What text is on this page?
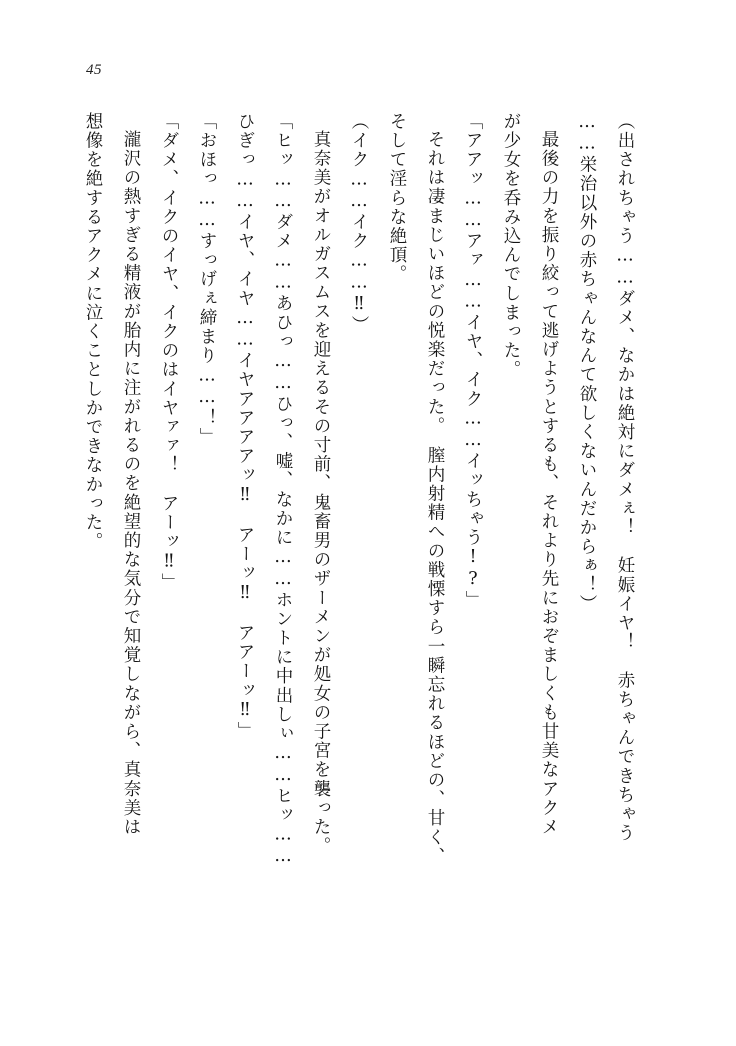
45
（出されちゃう……ダメ、なかは絶対にダメぇ！　妊娠イヤ！　赤ちゃんできちゃう
……栄治以外の赤ちゃんなんて欲しくないんだからぁ！）
最後の力を振り絞って逃げようとするも、それより先におぞましくも甘美なアクメ
が少女を呑み込んでしまった。
「アアッ……アァ……イヤ、イク……イッちゃう!?」
それは凄まじいほどの悦楽だった。　膣内射精への戦慄すら一瞬忘れるほどの、甘く、
そして淫らな絶頂。
（イク……イク……‼）
真奈美がオルガスムスを迎えるその寸前、鬼畜男のザーメンが処女の子宮を襲った。
「ヒッ……ダメ……あひっ……ひっ、嘘、なかに……ホントに中出しぃ……ヒッ……
ひぎっ……イヤ、イヤ……イヤアアアアッ‼　アーッ‼　アアーッ‼」
「おほっ……すっげぇ締まり……！」
「ダメ、イクのイヤ、イクのはイヤァァ！　アーッ‼」
瀧沢の熱すぎる精液が胎内に注がれるのを絶望的な気分で知覚しながら、真奈美は
想像を絶するアクメに泣くことしかできなかった。
